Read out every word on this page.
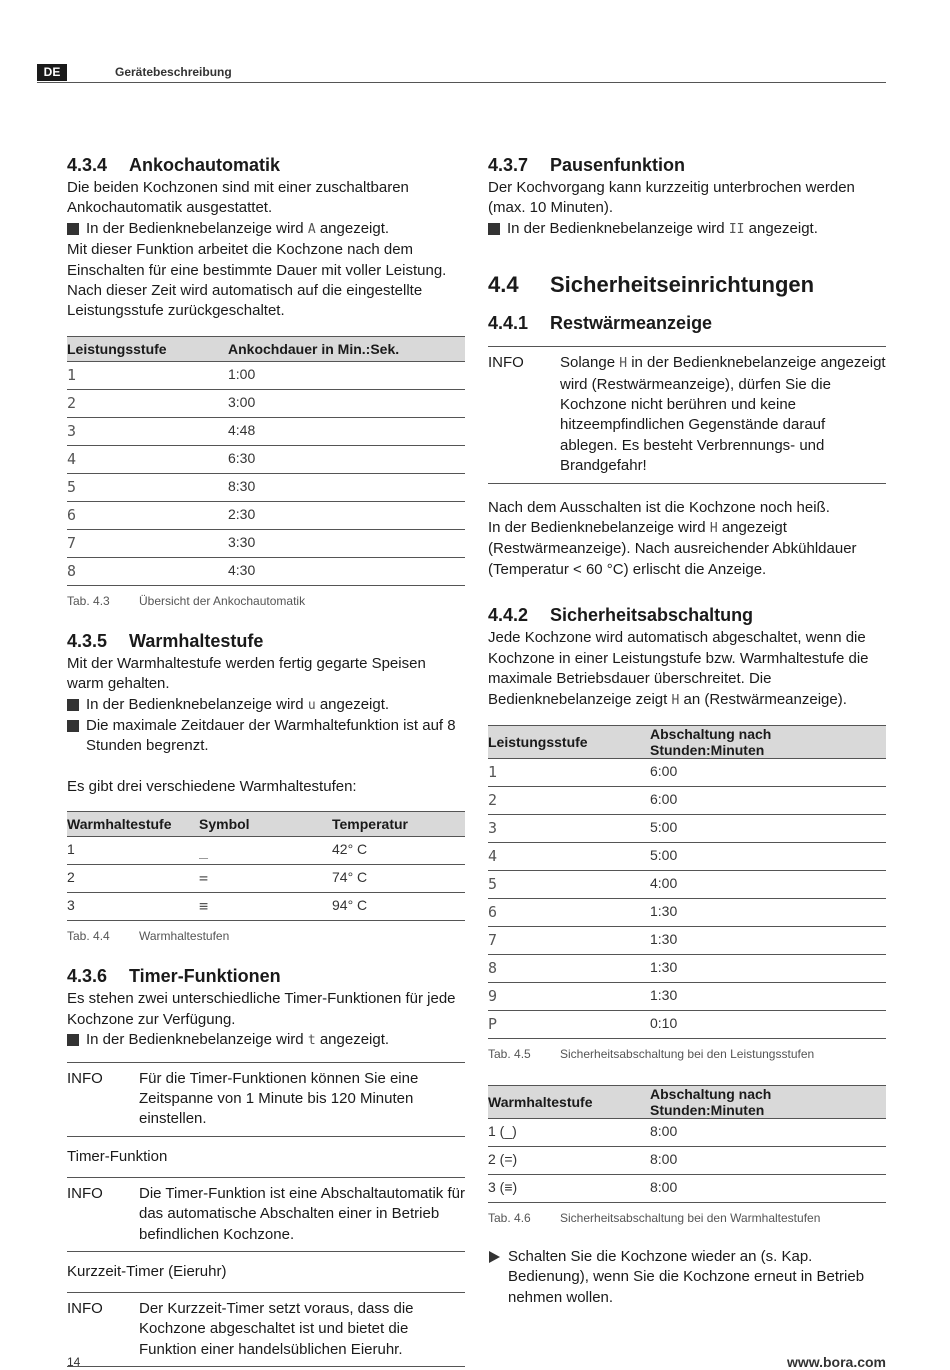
DE	Gerätebeschreibung
4.3.4 Ankochautomatik

Die beiden Kochzonen sind mit einer zuschaltbaren Ankochautomatik ausgestattet.

In der Bedienknebelanzeige wird A angezeigt.

Mit dieser Funktion arbeitet die Kochzone nach dem Einschalten für eine bestimmte Dauer mit voller Leistung. Nach dieser Zeit wird automatisch auf die eingestellte Leistungsstufe zurückgeschaltet.

Leistungsstufe	Ankochdauer in Min.:Sek.
1	1:00
2	3:00
3	4:48
4	6:30
5	8:30
6	2:30
7	3:30
8	4:30
Tab. 4.3 Übersicht der Ankochautomatik
4.3.5 Warmhaltestufe

Mit der Warmhaltestufe werden fertig gegarte Speisen warm gehalten.

In der Bedienknebelanzeige wird u angezeigt.
Die maximale Zeitdauer der Warmhaltefunktion ist auf 8 Stunden begrenzt.

Es gibt drei verschiedene Warmhaltestufen:

Warmhaltestufe	Symbol	Temperatur
1	_	42° C
2	=	74° C
3	≡	94° C
Tab. 4.4 Warmhaltestufen
4.3.6 Timer-Funktionen

Es stehen zwei unterschiedliche Timer-Funktionen für jede Kochzone zur Verfügung.

In der Bedienknebelanzeige wird t angezeigt.
INFO	Für die Timer-Funktionen können Sie eine Zeitspanne von 1 Minute bis 120 Minuten einstellen.

Timer-Funktion

INFO	Die Timer-Funktion ist eine Abschaltautomatik für das automatische Abschalten einer in Betrieb befindlichen Kochzone.

Kurzzeit-Timer (Eieruhr)

INFO	Der Kurzzeit-Timer setzt voraus, dass die Kochzone abgeschaltet ist und bietet die Funktion einer handelsüblichen Eieruhr.
4.3.7 Pausenfunktion

Der Kochvorgang kann kurzzeitig unterbrochen werden (max. 10 Minuten).

In der Bedienknebelanzeige wird II angezeigt.
4.4 Sicherheitseinrichtungen
4.4.1 Restwärmeanzeige
INFO	Solange H in der Bedienknebelanzeige angezeigt wird (Restwärmeanzeige), dürfen Sie die Kochzone nicht berühren und keine hitzeempfindlichen Gegenstände darauf ablegen. Es besteht Verbrennungs- und Brandgefahr!

Nach dem Ausschalten ist die Kochzone noch heiß.

In der Bedienknebelanzeige wird H angezeigt (Restwärmeanzeige). Nach ausreichender Abkühldauer (Temperatur < 60 °C) erlischt die Anzeige.

4.4.2 Sicherheitsabschaltung

Jede Kochzone wird automatisch abgeschaltet, wenn die Kochzone in einer Leistungstufe bzw. Warmhaltestufe die maximale Betriebsdauer überschreitet. Die Bedienknebelanzeige zeigt H an (Restwärmeanzeige).

Leistungsstufe	Abschaltung nach Stunden:Minuten
1	6:00
2	6:00
3	5:00
4	5:00
5	4:00
6	1:30
7	1:30
8	1:30
9	1:30
P	0:10
Tab. 4.5 Sicherheitsabschaltung bei den Leistungsstufen
Warmhaltestufe	Abschaltung nach Stunden:Minuten
1 (_)	8:00
2 (=)	8:00
3 (≡)	8:00
Tab. 4.6 Sicherheitsabschaltung bei den Warmhaltestufen
Schalten Sie die Kochzone wieder an (s. Kap. Bedienung), wenn Sie die Kochzone erneut in Betrieb nehmen wollen.
14	www.bora.com
